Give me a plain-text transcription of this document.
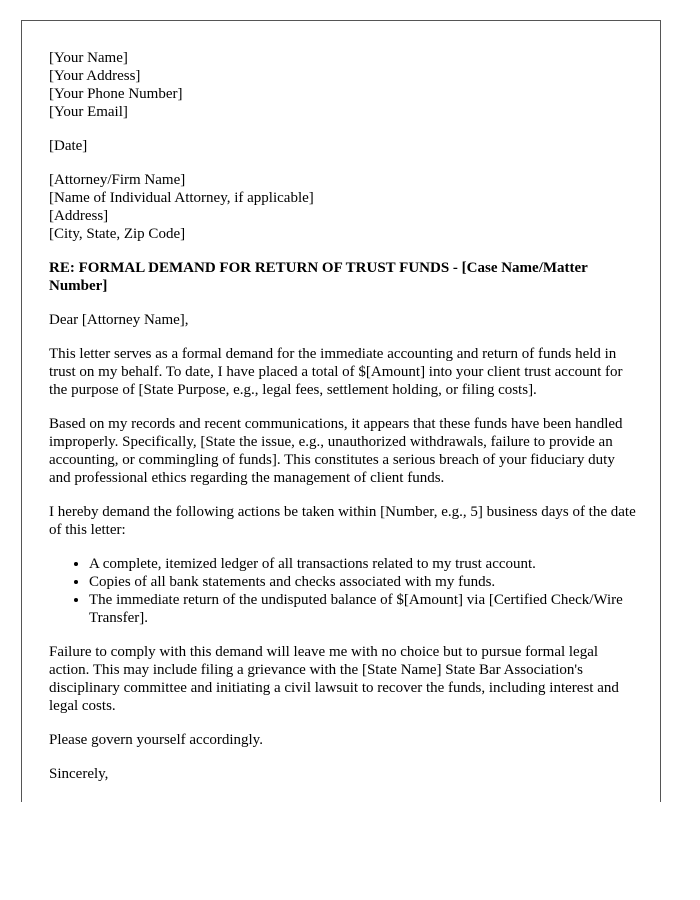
[Your Name]
[Your Address]
[Your Phone Number]
[Your Email]
[Date]
[Attorney/Firm Name]
[Name of Individual Attorney, if applicable]
[Address]
[City, State, Zip Code]
RE: FORMAL DEMAND FOR RETURN OF TRUST FUNDS - [Case Name/Matter Number]
Dear [Attorney Name],
This letter serves as a formal demand for the immediate accounting and return of funds held in trust on my behalf. To date, I have placed a total of $[Amount] into your client trust account for the purpose of [State Purpose, e.g., legal fees, settlement holding, or filing costs].
Based on my records and recent communications, it appears that these funds have been handled improperly. Specifically, [State the issue, e.g., unauthorized withdrawals, failure to provide an accounting, or commingling of funds]. This constitutes a serious breach of your fiduciary duty and professional ethics regarding the management of client funds.
I hereby demand the following actions be taken within [Number, e.g., 5] business days of the date of this letter:
• A complete, itemized ledger of all transactions related to my trust account.
• Copies of all bank statements and checks associated with my funds.
• The immediate return of the undisputed balance of $[Amount] via [Certified Check/Wire Transfer].
Failure to comply with this demand will leave me with no choice but to pursue formal legal action. This may include filing a grievance with the [State Name] State Bar Association's disciplinary committee and initiating a civil lawsuit to recover the funds, including interest and legal costs.
Please govern yourself accordingly.
Sincerely,
